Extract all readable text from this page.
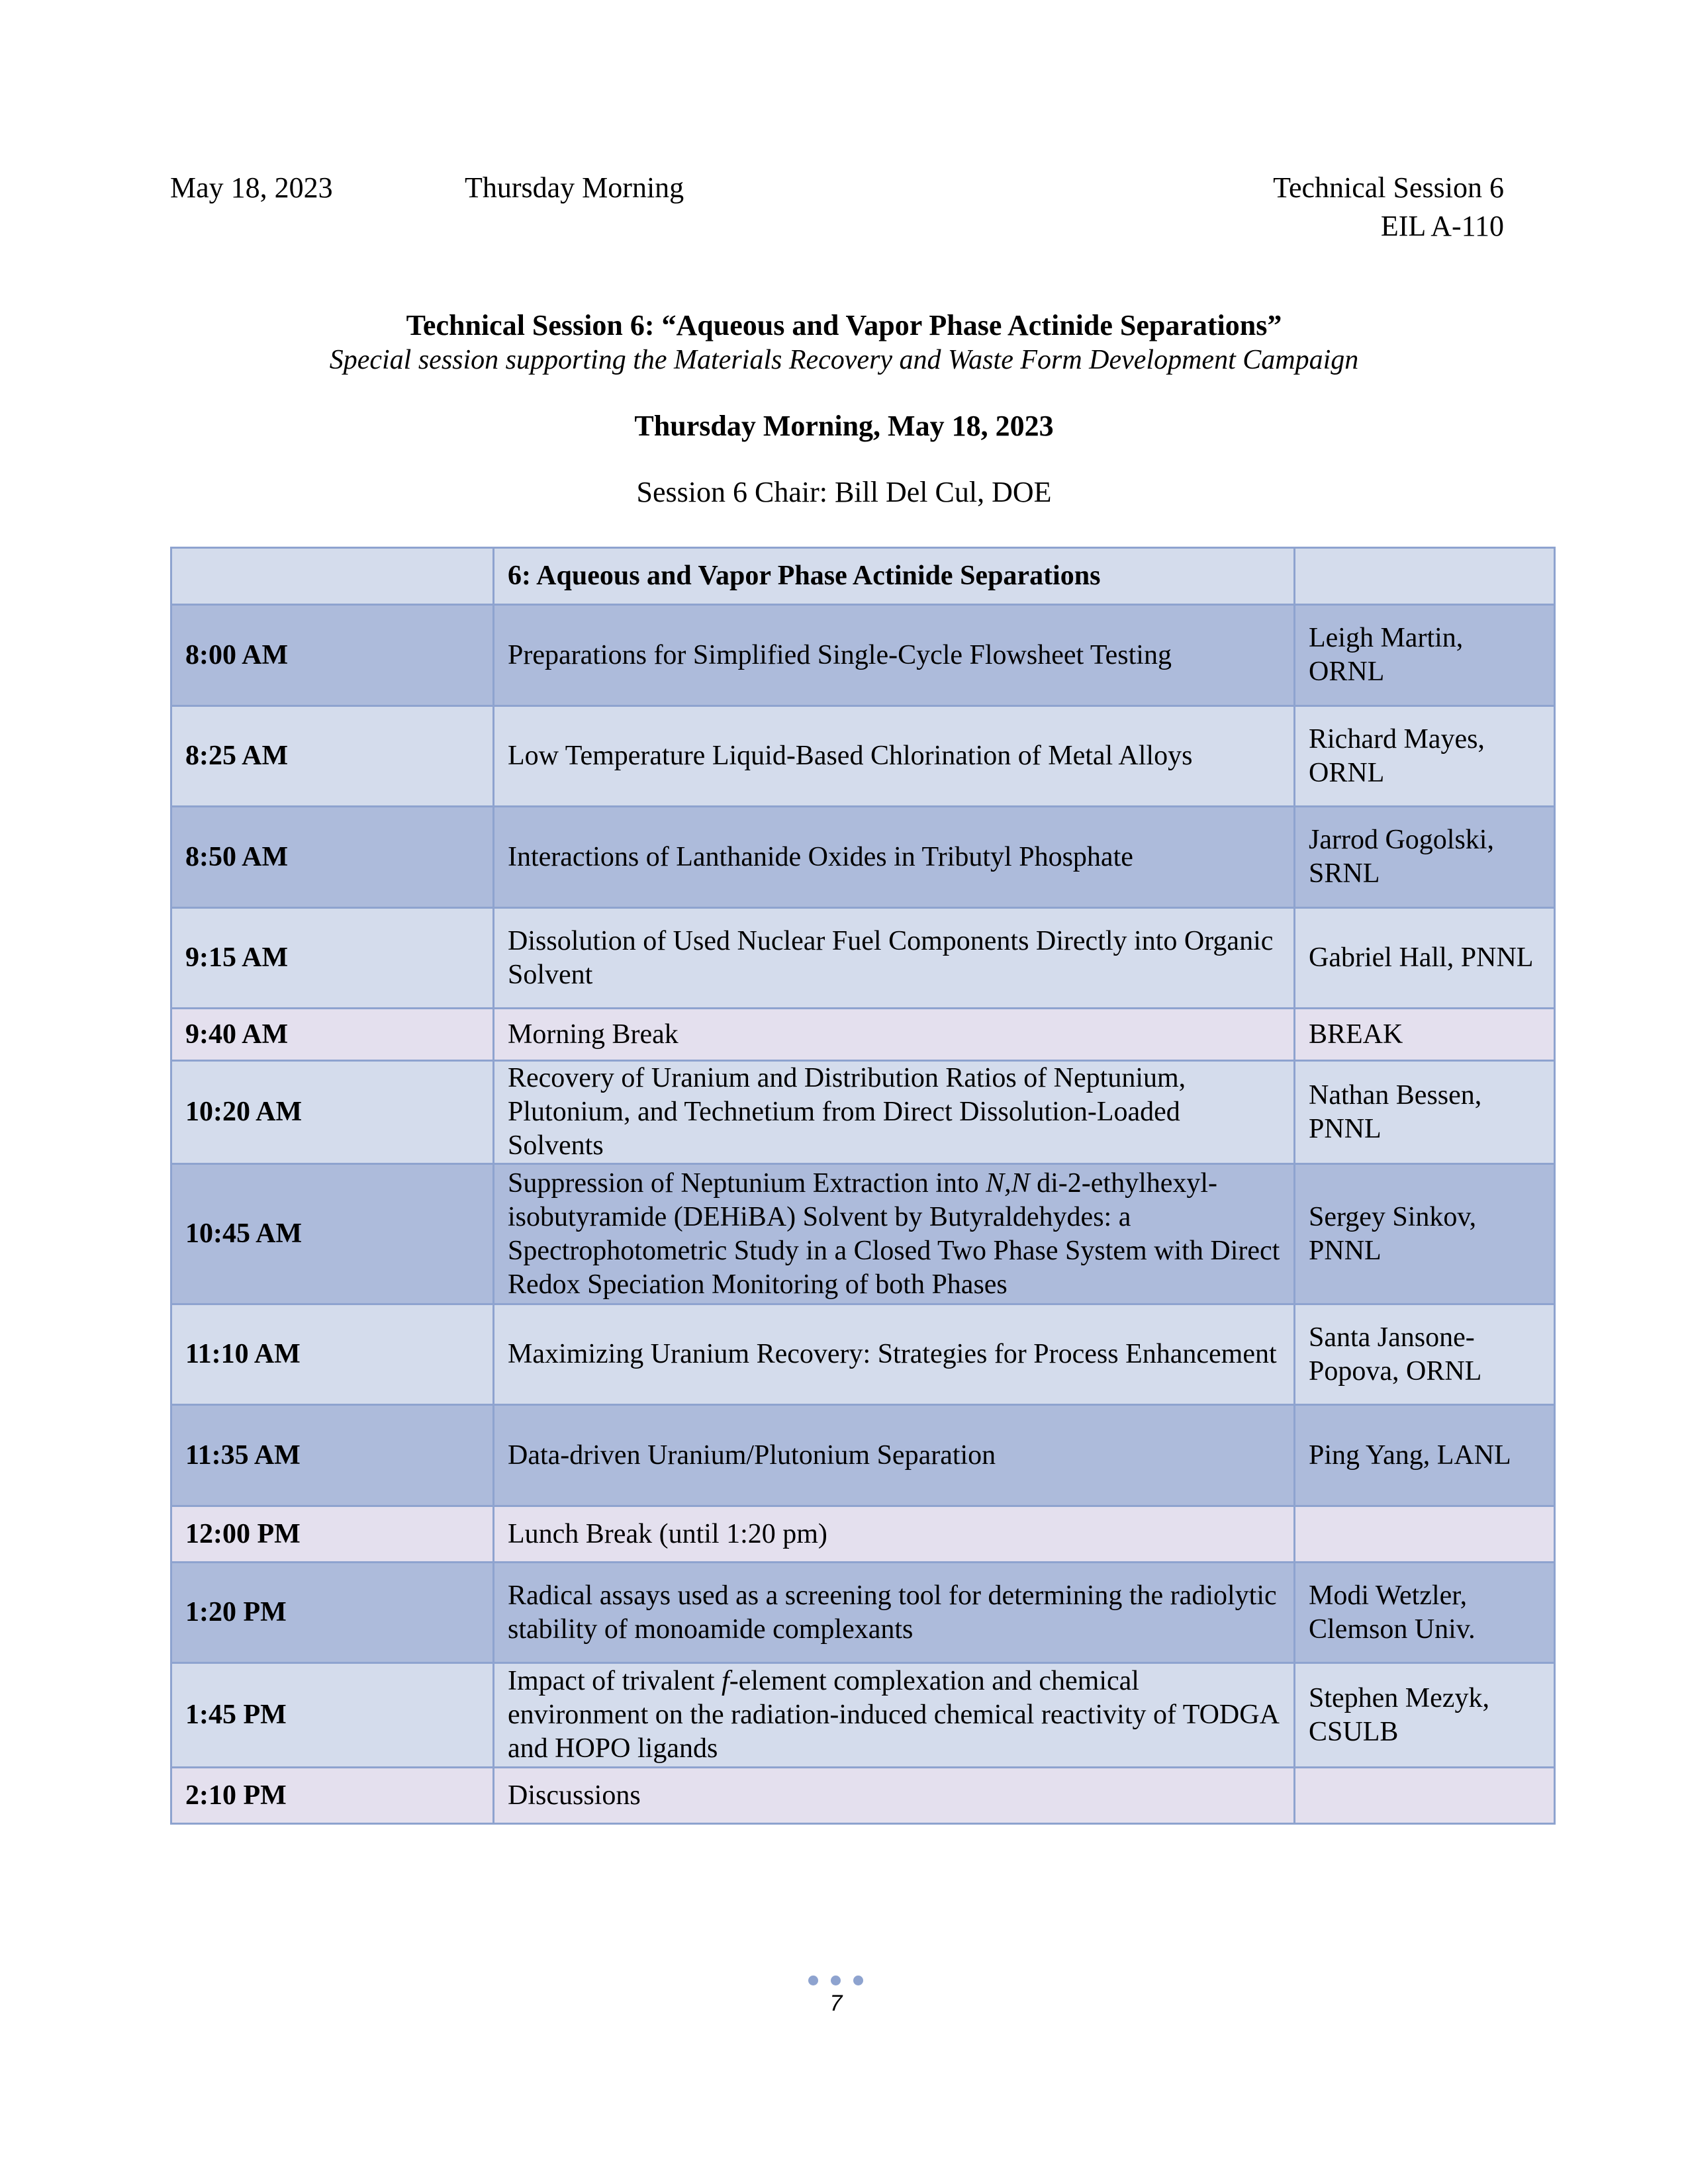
May 18, 2023	Thursday Morning	Technical Session 6
EIL A-110
Technical Session 6: “Aqueous and Vapor Phase Actinide Separations”
Special session supporting the Materials Recovery and Waste Form Development Campaign
Thursday Morning, May 18, 2023
Session 6 Chair: Bill Del Cul, DOE
	6: Aqueous and Vapor Phase Actinide Separations	
8:00 AM	Preparations for Simplified Single-Cycle Flowsheet Testing	Leigh Martin, ORNL
8:25 AM	Low Temperature Liquid-Based Chlorination of Metal Alloys	Richard Mayes, ORNL
8:50 AM	Interactions of Lanthanide Oxides in Tributyl Phosphate	Jarrod Gogolski, SRNL
9:15 AM	Dissolution of Used Nuclear Fuel Components Directly into Organic Solvent	Gabriel Hall, PNNL
9:40 AM	Morning Break	BREAK
10:20 AM	Recovery of Uranium and Distribution Ratios of Neptunium, Plutonium, and Technetium from Direct Dissolution-Loaded Solvents	Nathan Bessen, PNNL
10:45 AM	Suppression of Neptunium Extraction into N,N di-2-ethylhexyl-isobutyramide (DEHiBA) Solvent by Butyraldehydes: a Spectrophotometric Study in a Closed Two Phase System with Direct Redox Speciation Monitoring of both Phases	Sergey Sinkov, PNNL
11:10 AM	Maximizing Uranium Recovery: Strategies for Process Enhancement	Santa Jansone-Popova, ORNL
11:35 AM	Data-driven Uranium/Plutonium Separation	Ping Yang, LANL
12:00 PM	Lunch Break (until 1:20 pm)	
1:20 PM	Radical assays used as a screening tool for determining the radiolytic stability of monoamide complexants	Modi Wetzler, Clemson Univ.
1:45 PM	Impact of trivalent f-element complexation and chemical environment on the radiation-induced chemical reactivity of TODGA and HOPO ligands	Stephen Mezyk, CSULB
2:10 PM	Discussions	
7
